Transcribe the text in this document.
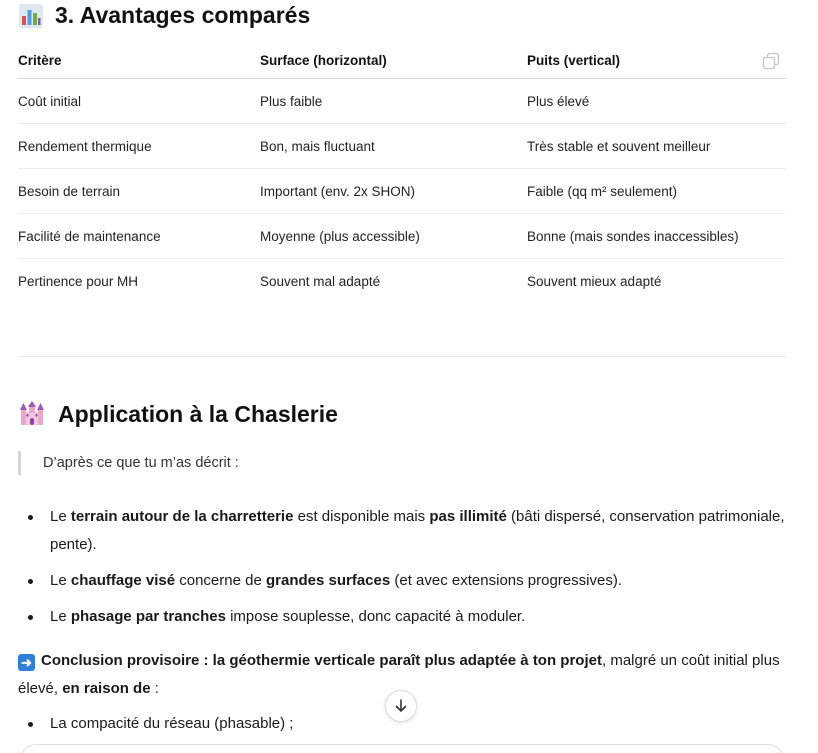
3. Avantages comparés
Critère	Surface (horizontal)	Puits (vertical)
Coût initial	Plus faible	Plus élevé
Rendement thermique	Bon, mais fluctuant	Très stable et souvent meilleur
Besoin de terrain	Important (env. 2x SHON)	Faible (qq m² seulement)
Facilité de maintenance	Moyenne (plus accessible)	Bonne (mais sondes inaccessibles)
Pertinence pour MH	Souvent mal adapté	Souvent mieux adapté
Application à la Chaslerie
D’après ce que tu m’as décrit :
Le terrain autour de la charretterie est disponible mais pas illimité (bâti dispersé, conservation patrimoniale, pente).
Le chauffage visé concerne de grandes surfaces (et avec extensions progressives).
Le phasage par tranches impose souplesse, donc capacité à moduler.

➜ Conclusion provisoire : la géothermie verticale paraît plus adaptée à ton projet, malgré un coût initial plus élevé, en raison de :

La compacité du réseau (phasable) ;
